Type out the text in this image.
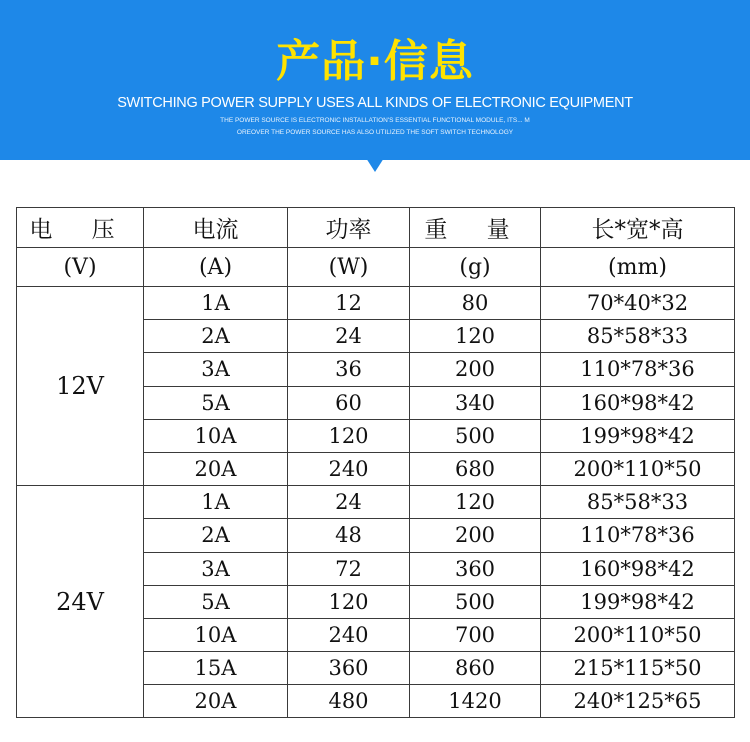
产品·信息
SWITCHING POWER SUPPLY USES ALL KINDS OF ELECTRONIC EQUIPMENT
THE POWER SOURCE IS ELECTRONIC INSTALLATION'S ESSENTIAL FUNCTIONAL MODULE, ITS... M
OREOVER THE POWER SOURCE HAS ALSO UTILIZED THE SOFT SWITCH TECHNOLOGY
电 压	电流	功率	重 量	长*宽*高
(V)	(A)	(W)	(g)	(mm)
12V	1A	12	80	70*40*32
	2A	24	120	85*58*33
	3A	36	200	110*78*36
	5A	60	340	160*98*42
	10A	120	500	199*98*42
	20A	240	680	200*110*50
24V	1A	24	120	85*58*33
	2A	48	200	110*78*36
	3A	72	360	160*98*42
	5A	120	500	199*98*42
	10A	240	700	200*110*50
	15A	360	860	215*115*50
	20A	480	1420	240*125*65
